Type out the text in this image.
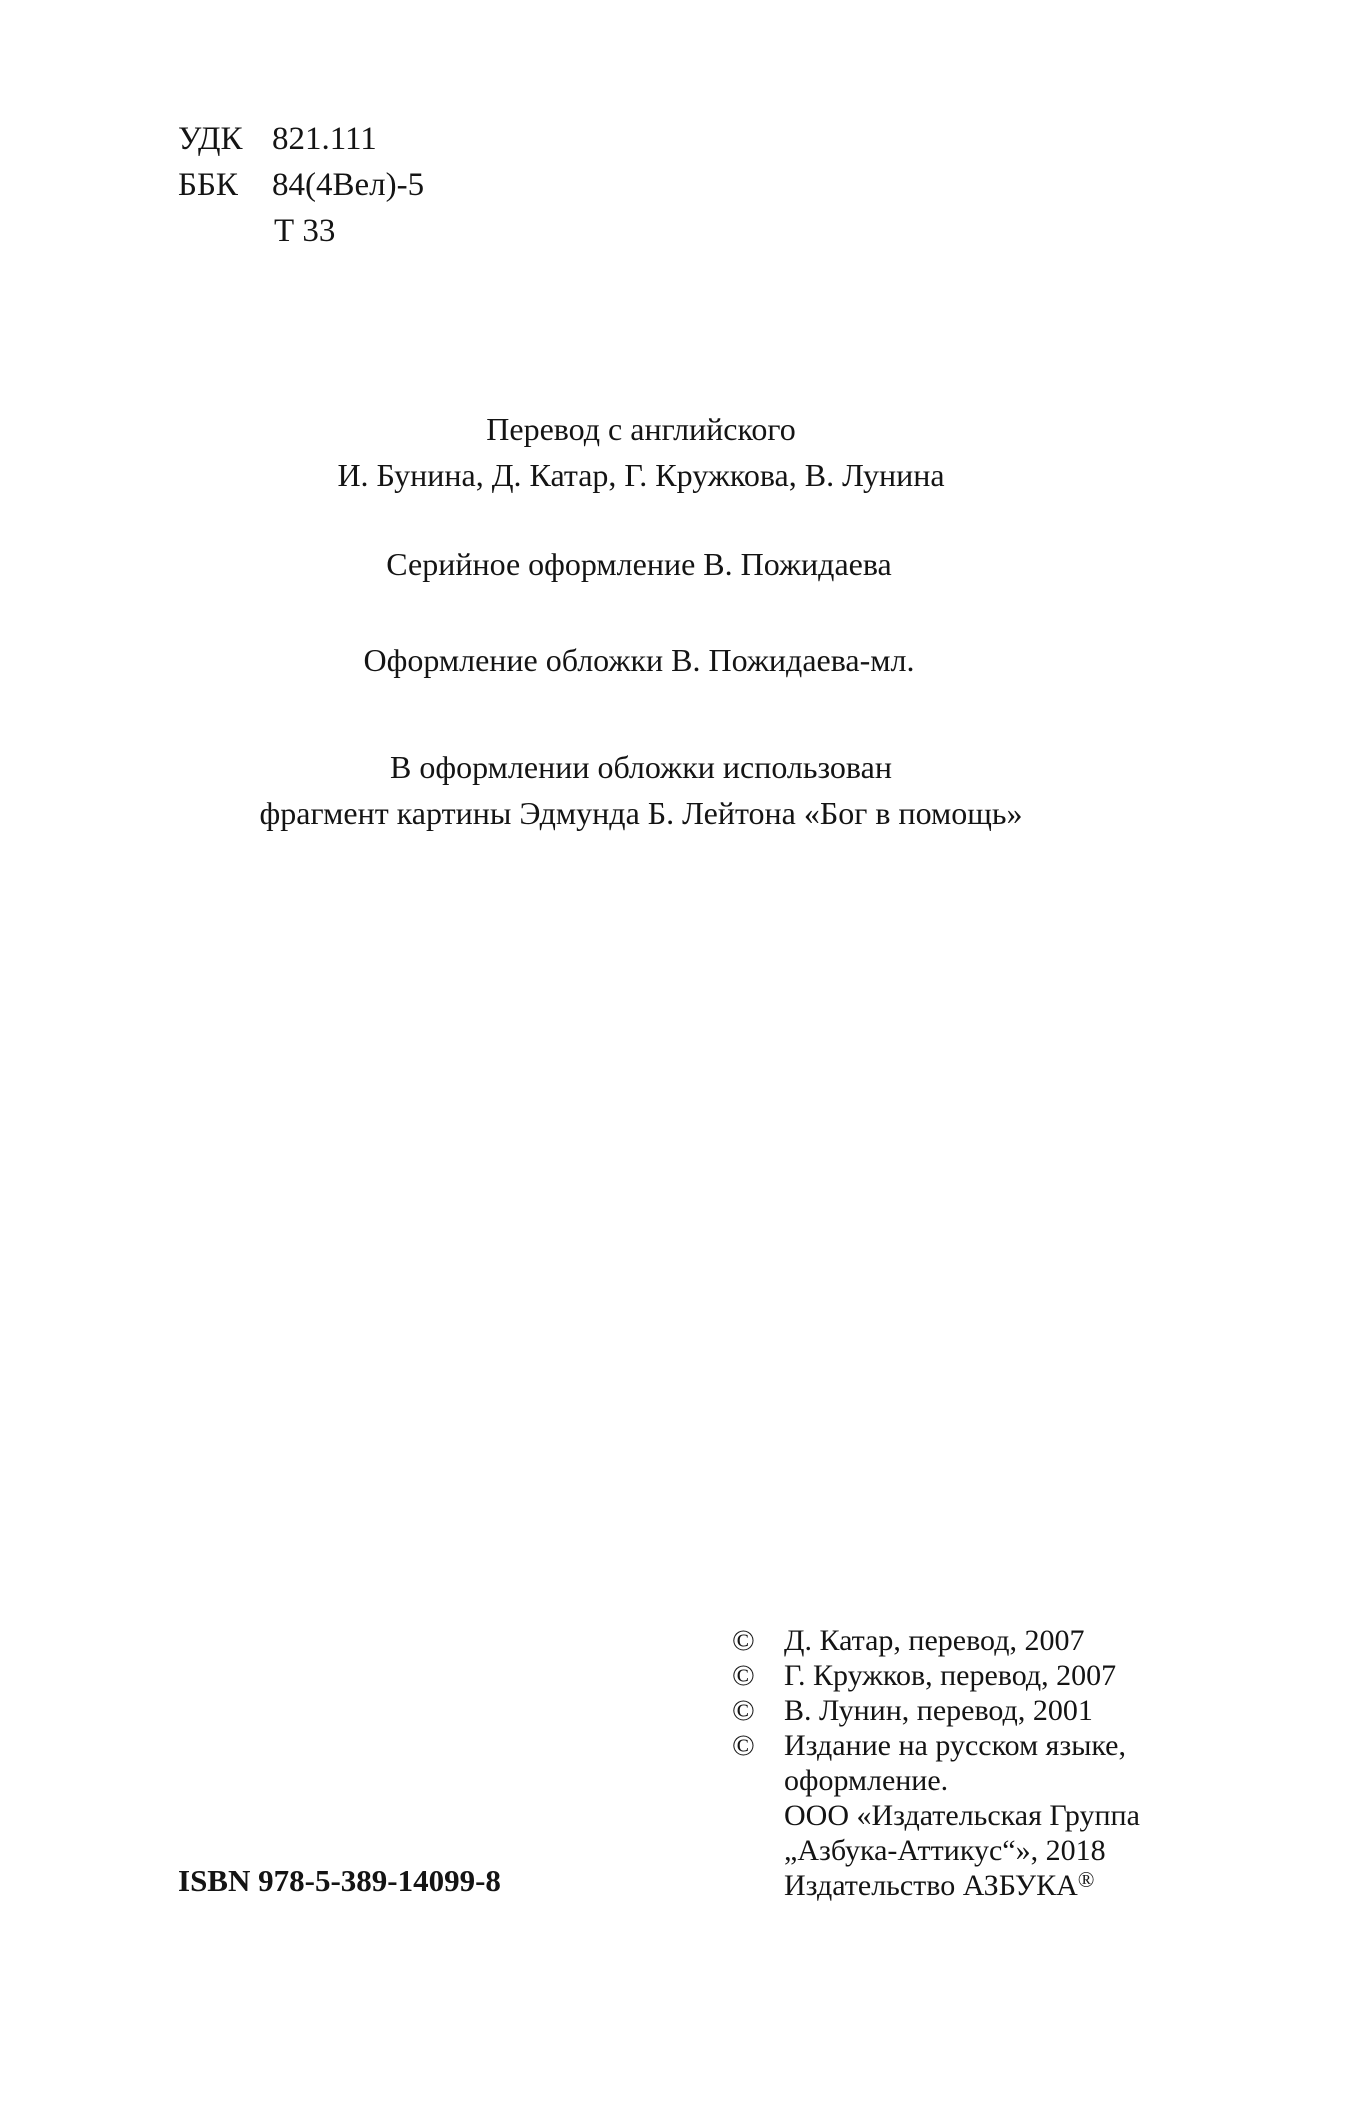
УДК 821.111
ББК 84(4Вел)-5
Т 33

Перевод с английского

И. Бунина, Д. Катар, Г. Кружкова, В. Лунина

Серийное оформление В. Пожидаева

Оформление обложки В. Пожидаева-мл.

В оформлении обложки использован

фрагмент картины Эдмунда Б. Лейтона «Бог в помощь»

© Д. Катар, перевод, 2007
© Г. Кружков, перевод, 2007
© В. Лунин, перевод, 2001
© Издание на русском языке,
оформление.
ООО «Издательская Группа
„Азбука-Аттикус“», 2018
Издательство АЗБУКА®
ISBN 978-5-389-14099-8
